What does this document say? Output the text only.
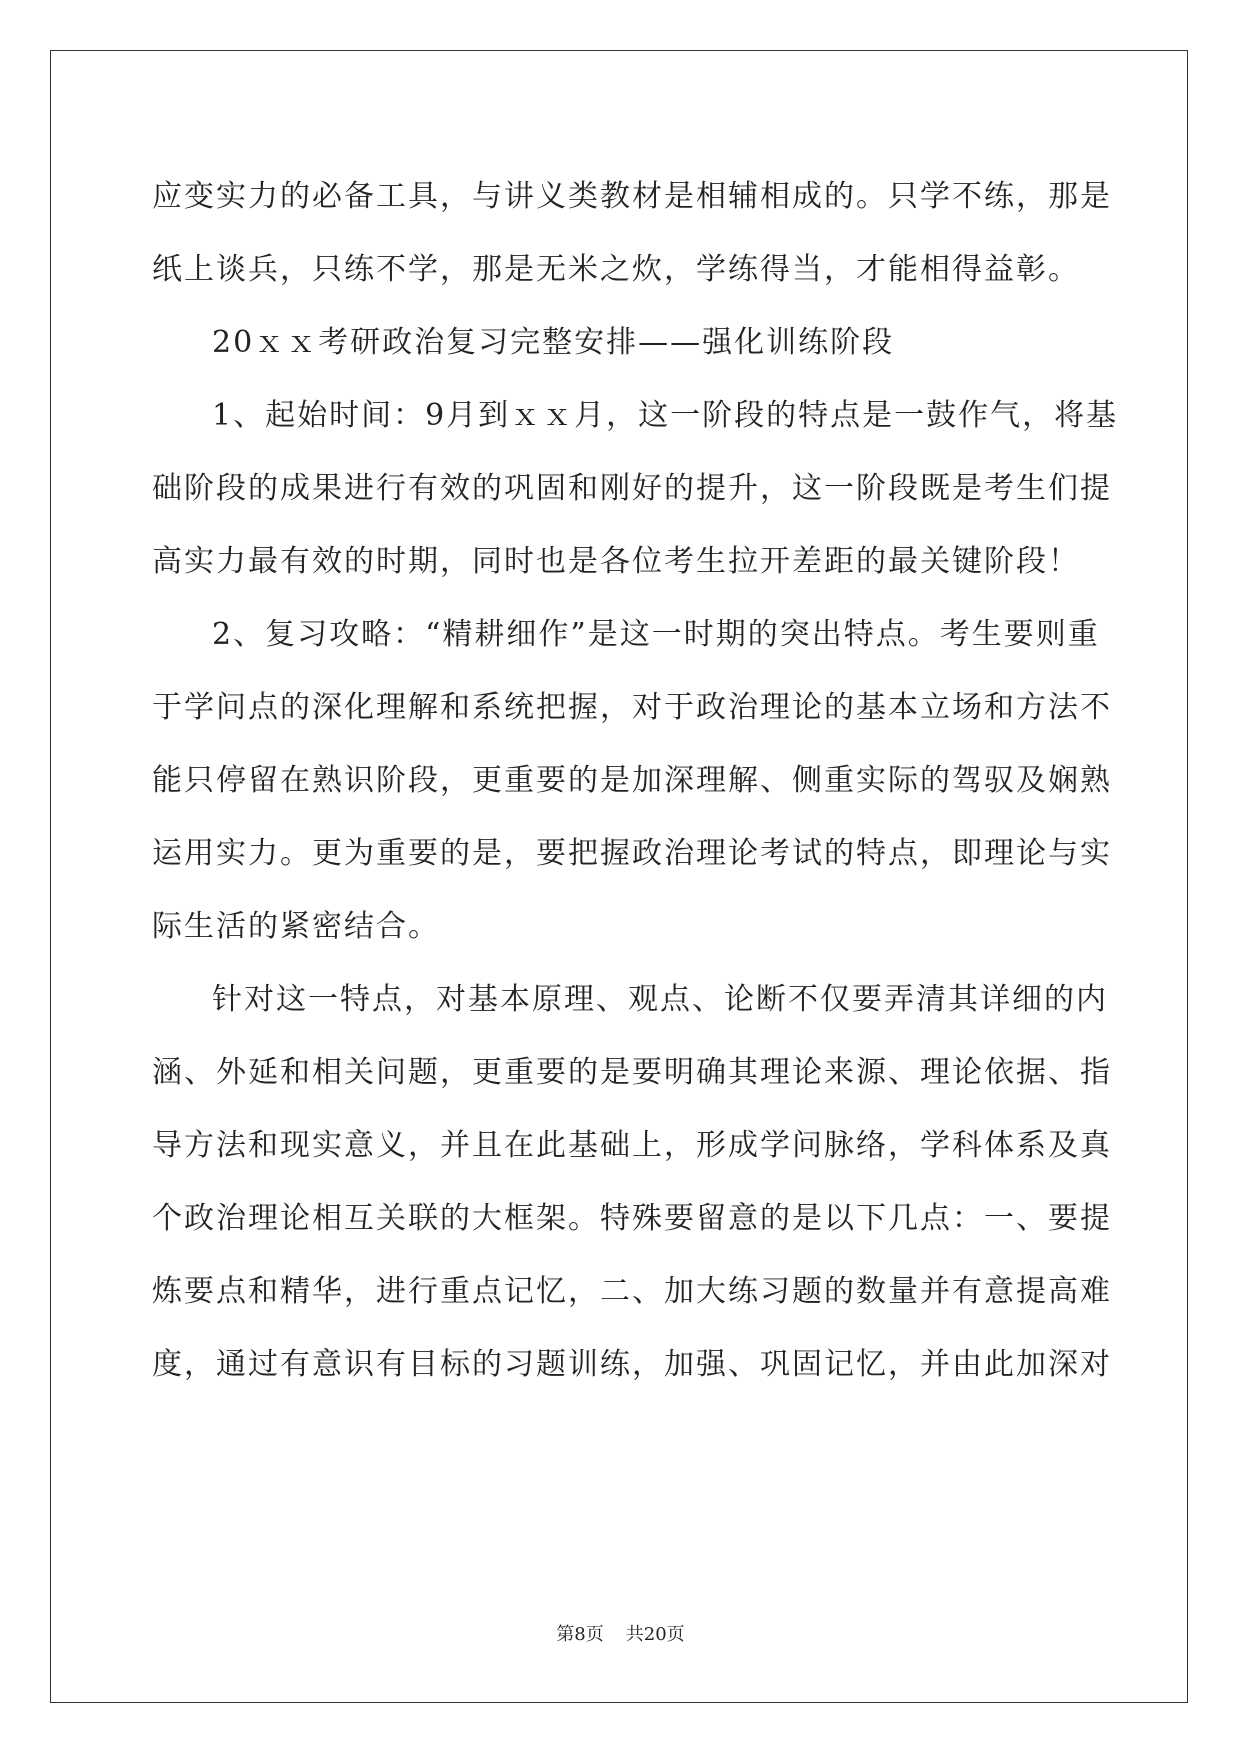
应变实力的必备工具，与讲义类教材是相辅相成的。只学不练，那是
纸上谈兵，只练不学，那是无米之炊，学练得当，才能相得益彰。
20ｘｘ考研政治复习完整安排——强化训练阶段
1、起始时间：9月到ｘｘ月，这一阶段的特点是一鼓作气，将基
础阶段的成果进行有效的巩固和刚好的提升，这一阶段既是考生们提
高实力最有效的时期，同时也是各位考生拉开差距的最关键阶段！
2、复习攻略：“精耕细作”是这一时期的突出特点。考生要则重
于学问点的深化理解和系统把握，对于政治理论的基本立场和方法不
能只停留在熟识阶段，更重要的是加深理解、侧重实际的驾驭及娴熟
运用实力。更为重要的是，要把握政治理论考试的特点，即理论与实
际生活的紧密结合。
针对这一特点，对基本原理、观点、论断不仅要弄清其详细的内
涵、外延和相关问题，更重要的是要明确其理论来源、理论依据、指
导方法和现实意义，并且在此基础上，形成学问脉络，学科体系及真
个政治理论相互关联的大框架。特殊要留意的是以下几点：一、要提
炼要点和精华，进行重点记忆，二、加大练习题的数量并有意提高难
度，通过有意识有目标的习题训练，加强、巩固记忆，并由此加深对
第8页 共20页
